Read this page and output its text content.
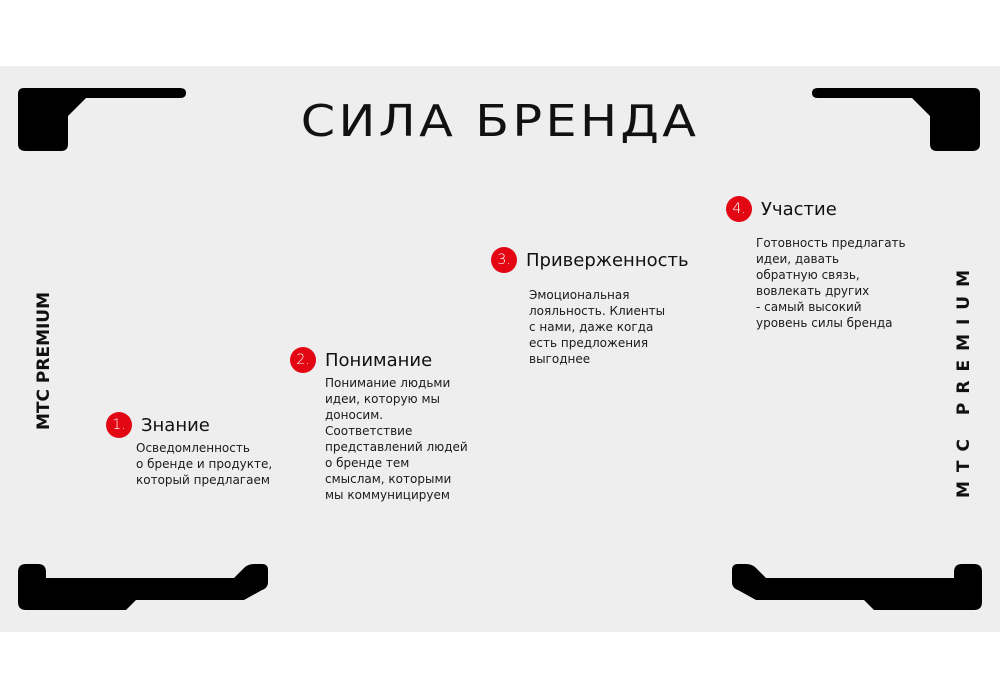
СИЛА БРЕНДА
MTC PREMIUM	MTC PREMIUM
1. Знание
Осведомленность
о бренде и продукте,
который предлагаем
2. Понимание
Понимание людьми
идеи, которую мы
доносим.
Соответствие
представлений людей
о бренде тем
смыслам, которыми
мы коммуницируем
3. Приверженность
Эмоциональная
лояльность. Клиенты
с нами, даже когда
есть предложения
выгоднее
4. Участие
Готовность предлагать
идеи, давать
обратную связь,
вовлекать других
- самый высокий
уровень силы бренда
